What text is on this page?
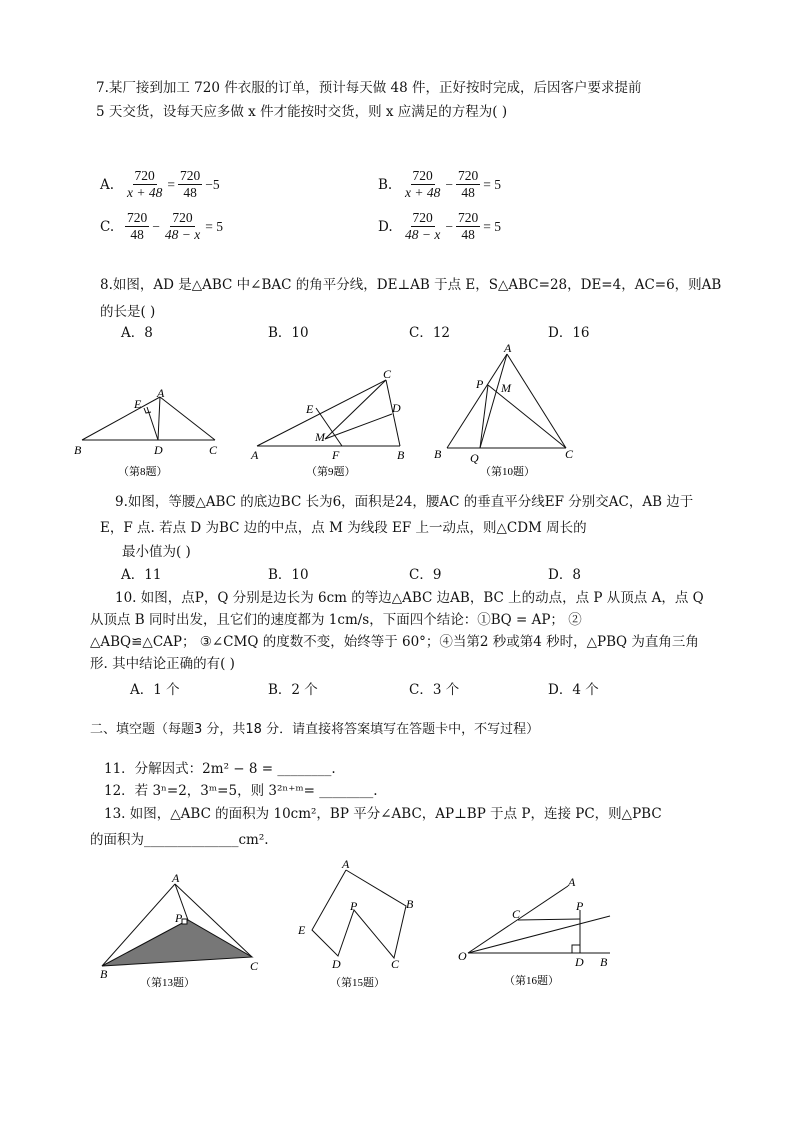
7.某厂接到加工 720 件衣服的订单，预计每天做 48 件，正好按时完成，后因客户要求提前
5 天交货，设每天应多做 x 件才能按时交货，则 x 应满足的方程为( )
A. $\frac{720}{x + 48} = \frac{720}{48} -5$	B. $\frac{720}{x + 48} - \frac{720}{48} = 5$
C. $\frac{720}{48} - \frac{720}{48 - x} = 5$	D. $\frac{720}{48 - x} - \frac{720}{48} = 5$
8.如图，AD 是△ABC 中∠BAC 的角平分线，DE⊥AB 于点 E，S△ABC=28，DE=4，AC=6，则AB
的长是( )
A．8	B．10	C．12	D．16
A
E
B	D	C
（第8题）
C
D
E
M
A	F	B
（第9题）
A
P M
B Q	C
（第10题）
9.如图，等腰△ABC 的底边BC 长为6，面积是24，腰AC 的垂直平分线EF 分别交AC，AB 边于
E，F 点. 若点 D 为BC 边的中点，点 M 为线段 EF 上一动点，则△CDM 周长的
最小值为( )
A．11	B．10	C．9	D．8
10. 如图，点P，Q 分别是边长为 6cm 的等边△ABC 边AB，BC 上的动点，点 P 从顶点 A，点 Q
从顶点 B 同时出发，且它们的速度都为 1cm/s，下面四个结论：①BQ = AP； ②
△ABQ≌△CAP； ③∠CMQ 的度数不变，始终等于 60°；④当第2 秒或第4 秒时，△PBQ 为直角三角
形. 其中结论正确的有( )
A．1 个	B．2 个	C．3 个	D．4 个
二、填空题（每题3 分，共18 分．请直接将答案填写在答题卡中，不写过程）
11．分解因式：2m² − 8 = ________.
12．若 3ⁿ=2，3ᵐ=5，则 3²ⁿ⁺ᵐ= ________.
13. 如图，△ABC 的面积为 10cm²，BP 平分∠ABC，AP⊥BP 于点 P，连接 PC，则△PBC
的面积为______________cm².
A
P
B
C
（第13题）
A
B
P
E
D	C
（第15题）
A
C
P
O	D B
（第16题）
